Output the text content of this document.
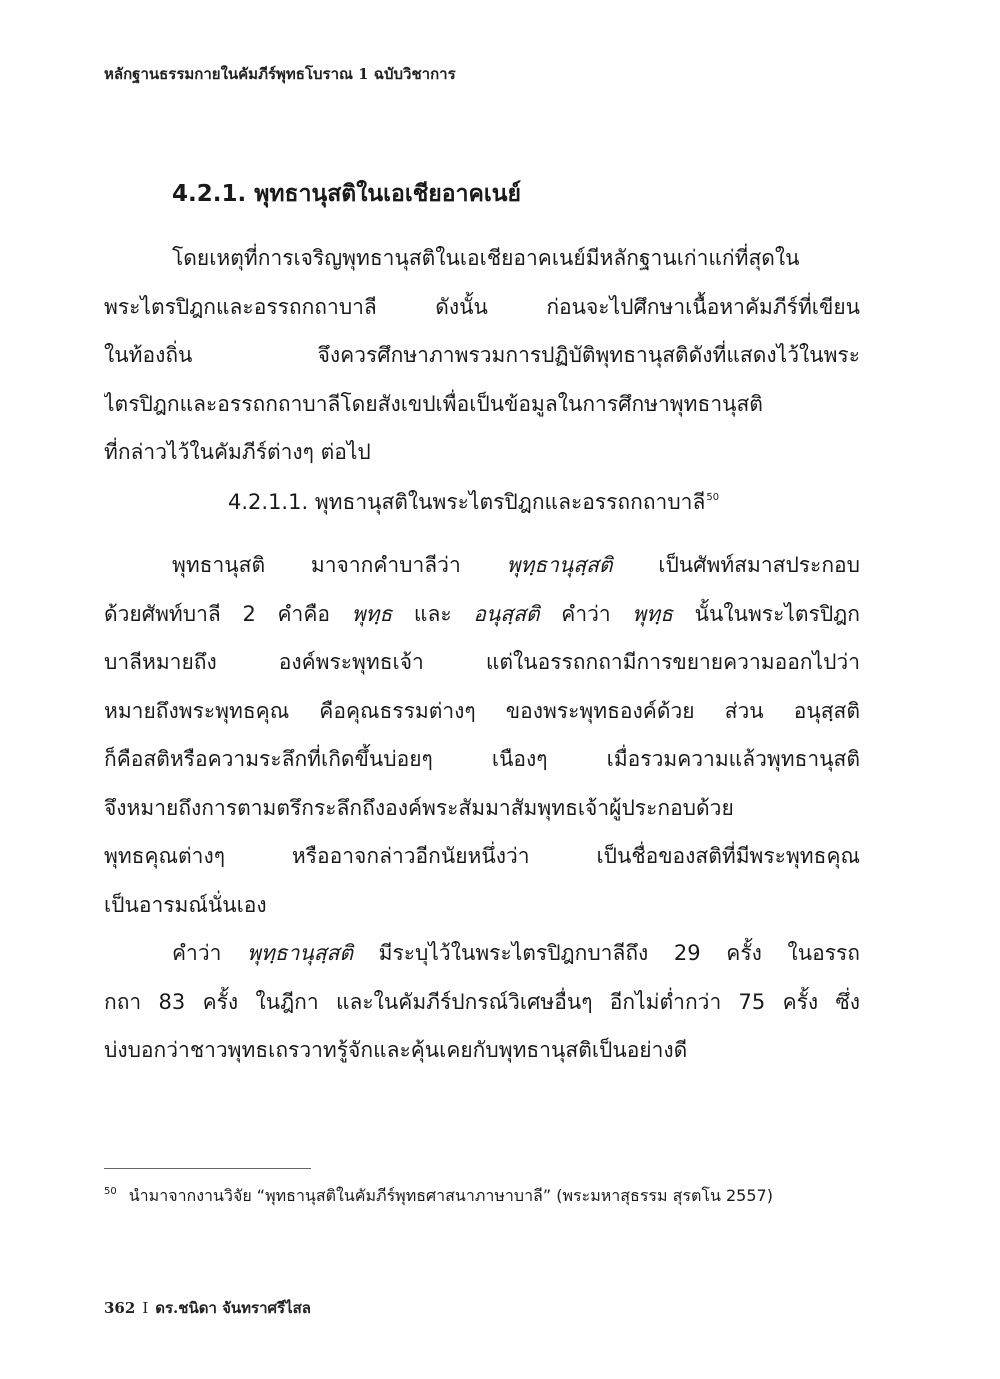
หลักฐานธรรมกายในคัมภีร์พุทธโบราณ 1 ฉบับวิชาการ
4.2.1. พุทธานุสติในเอเชียอาคเนย์
โดยเหตุที่การเจริญพุทธานุสติในเอเชียอาคเนย์มีหลักฐานเก่าแก่ที่สุดใน
พระไตรปิฎกและอรรถกถาบาลี ดังนั้น ก่อนจะไปศึกษาเนื้อหาคัมภีร์ที่เขียน
ในท้องถิ่น จึงควรศึกษาภาพรวมการปฏิบัติพุทธานุสติดังที่แสดงไว้ในพระ
ไตรปิฎกและอรรถกถาบาลีโดยสังเขปเพื่อเป็นข้อมูลในการศึกษาพุทธานุสติ
ที่กล่าวไว้ในคัมภีร์ต่างๆ ต่อไป
4.2.1.1. พุทธานุสติในพระไตรปิฎกและอรรถกถาบาลี$^{50}$
พุทธานุสติ มาจากคำบาลีว่า พุทฺธานุสฺสติ เป็นศัพท์สมาสประกอบ
ด้วยศัพท์บาลี 2 คำคือ พุทฺธ และ อนุสฺสติ คำว่า พุทฺธ นั้นในพระไตรปิฎก
บาลีหมายถึง องค์พระพุทธเจ้า แต่ในอรรถกถามีการขยายความออกไปว่า
หมายถึงพระพุทธคุณ คือคุณธรรมต่างๆ ของพระพุทธองค์ด้วย ส่วน อนุสฺสติ
ก็คือสติหรือความระลึกที่เกิดขึ้นบ่อยๆ เนืองๆ เมื่อรวมความแล้วพุทธานุสติ
จึงหมายถึงการตามตรึกระลึกถึงองค์พระสัมมาสัมพุทธเจ้าผู้ประกอบด้วย
พุทธคุณต่างๆ หรืออาจกล่าวอีกนัยหนึ่งว่า เป็นชื่อของสติที่มีพระพุทธคุณ
เป็นอารมณ์นั่นเอง
คำว่า พุทฺธานุสฺสติ มีระบุไว้ในพระไตรปิฎกบาลีถึง 29 ครั้ง ในอรรถ
กถา 83 ครั้ง ในฎีกา และในคัมภีร์ปกรณ์วิเศษอื่นๆ อีกไม่ต่ำกว่า 75 ครั้ง ซึ่ง
บ่งบอกว่าชาวพุทธเถรวาทรู้จักและคุ้นเคยกับพุทธานุสติเป็นอย่างดี
$^{50}$ นำมาจากงานวิจัย “พุทธานุสติในคัมภีร์พุทธศาสนาภาษาบาลี” (พระมหาสุธรรม สุรตโน 2557)
362 I ดร.ชนิดา จันทราศรีไสล
